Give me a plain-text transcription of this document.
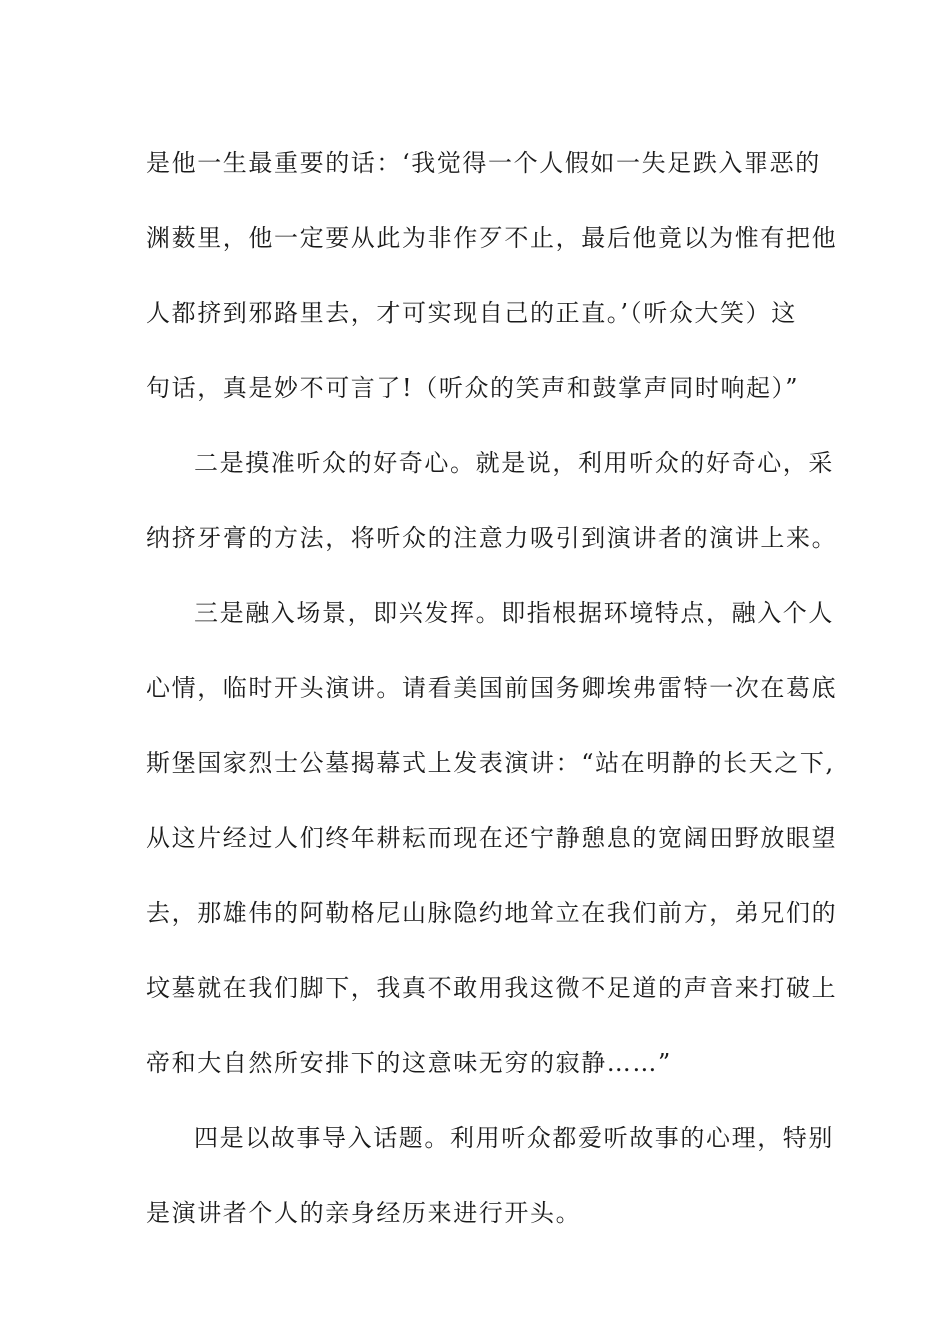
是他一生最重要的话：‘我觉得一个人假如一失足跌入罪恶的
渊薮里，他一定要从此为非作歹不止，最后他竟以为惟有把他
人都挤到邪路里去，才可实现自己的正直。’（听众大笑）这
句话，真是妙不可言了!（听众的笑声和鼓掌声同时响起）”
二是摸准听众的好奇心。就是说，利用听众的好奇心，采
纳挤牙膏的方法，将听众的注意力吸引到演讲者的演讲上来。
三是融入场景，即兴发挥。即指根据环境特点，融入个人
心情，临时开头演讲。请看美国前国务卿埃弗雷特一次在葛底
斯堡国家烈士公墓揭幕式上发表演讲：“站在明静的长天之下,
从这片经过人们终年耕耘而现在还宁静憩息的宽阔田野放眼望
去，那雄伟的阿勒格尼山脉隐约地耸立在我们前方，弟兄们的
坟墓就在我们脚下，我真不敢用我这微不足道的声音来打破上
帝和大自然所安排下的这意味无穷的寂静……”
四是以故事导入话题。利用听众都爱听故事的心理，特别
是演讲者个人的亲身经历来进行开头。
